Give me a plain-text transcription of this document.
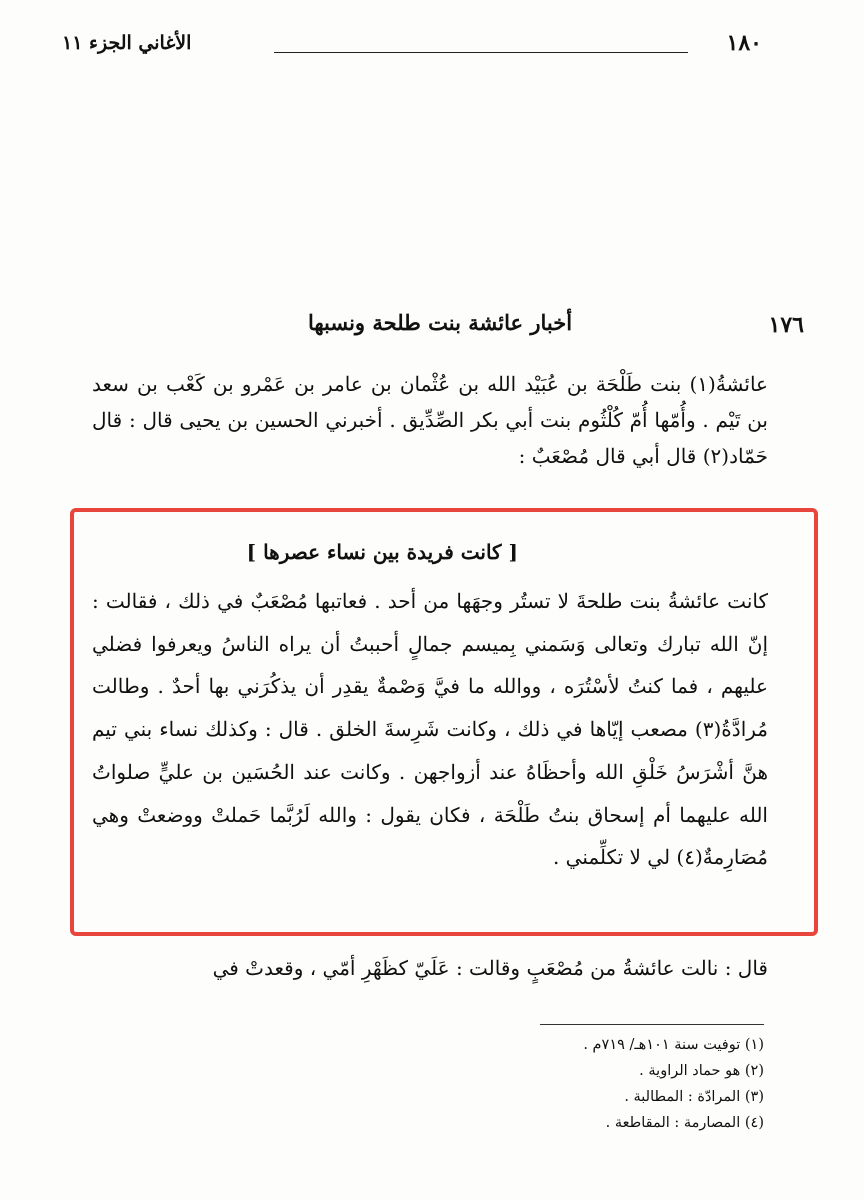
الأغاني الجزء ١١	١٨٠
١٧٦
أخبار عائشة بنت طلحة ونسبها
عائشةُ(١) بنت طَلْحَة بن عُبَيْد الله بن عُثْمان بن عامر بن عَمْرو بن كَعْب بن سعد بن تَيْم . وأُمّها أُمّ كُلْثُوم بنت أبي بكر الصِّدِّيق . أخبرني الحسين بن يحيى قال : قال حَمّاد(٢) قال أبي قال مُصْعَبٌ :
[ كانت فريدة بين نساء عصرها ]
كانت عائشةُ بنت طلحةَ لا تستُر وجهَها من أحد . فعاتبها مُصْعَبٌ في ذلك ، فقالت : إنّ الله تبارك وتعالى وَسَمني بِميسم جمالٍ أحببتُ أن يراه الناسُ ويعرفوا فضلي عليهم ، فما كنتُ لأسْتُرَه ، ووالله ما فيَّ وَصْمةٌ يقدِر أن يذكُرَني بها أحدٌ . وطالت مُرادَّةُ(٣) مصعب إيّاها في ذلك ، وكانت شَرِسةَ الخلق . قال : وكذلك نساء بني تيم هنَّ أشْرَسُ خَلْقِ الله وأحظَاهُ عند أزواجهن . وكانت عند الحُسَين بن عليٍّ صلواتُ الله عليهما أم إسحاق بنتُ طَلْحَة ، فكان يقول : والله لَرُبَّما حَملتْ ووضعتْ وهي مُصَارِمةٌ(٤) لي لا تكلِّمني .
قال : نالت عائشةُ من مُصْعَبٍ وقالت : عَلَيّ كظَهْرِ أمّي ، وقعدتْ في
(١) توفيت سنة ١٠١هـ/ ٧١٩م .
(٢) هو حماد الراوية .
(٣) المرادّة : المطالبة .
(٤) المصارمة : المقاطعة .
